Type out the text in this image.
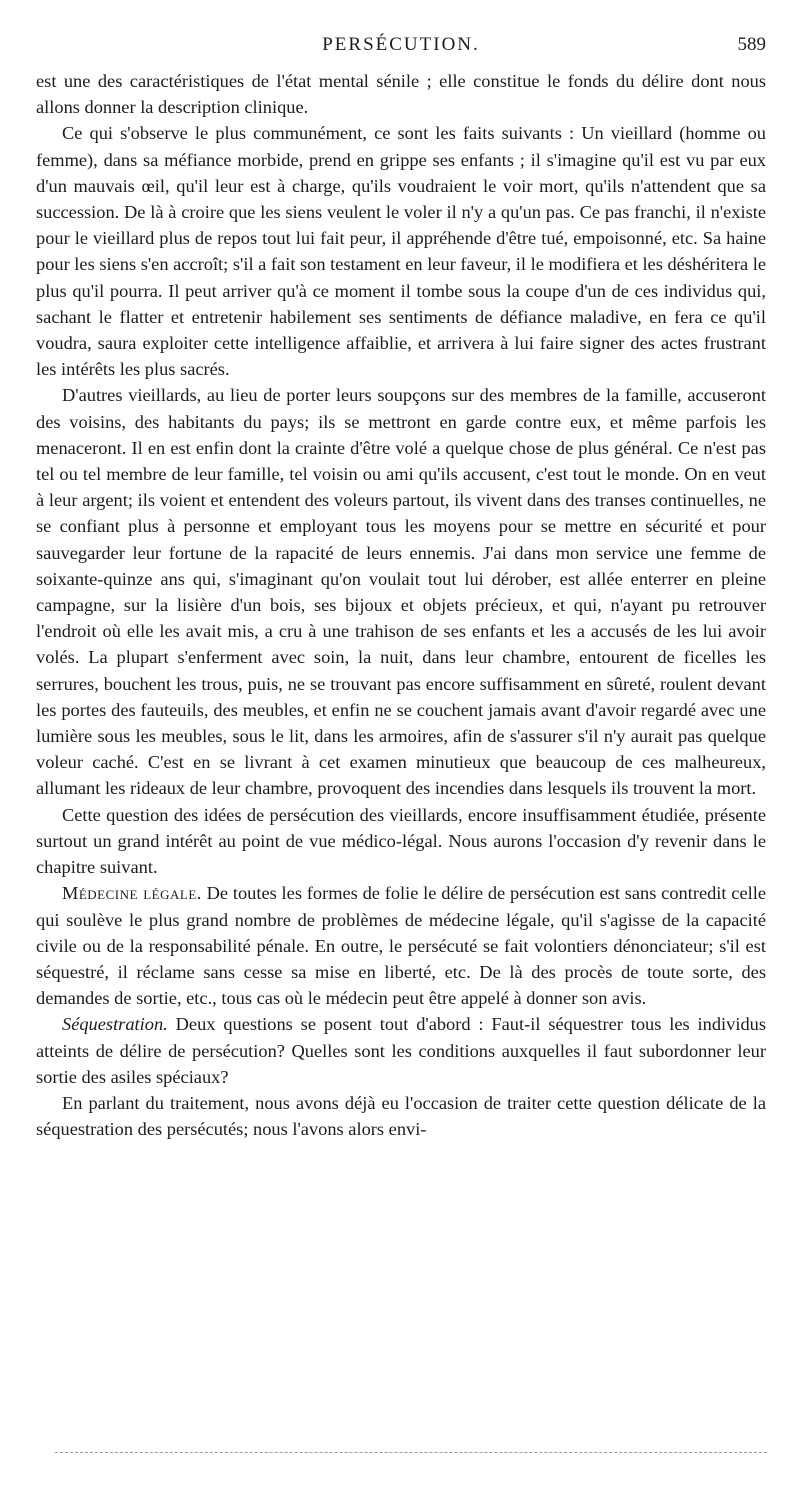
PERSÉCUTION.	589

est une des caractéristiques de l'état mental sénile ; elle constitue le fonds du délire dont nous allons donner la description clinique.

Ce qui s'observe le plus communément, ce sont les faits suivants : Un vieillard (homme ou femme), dans sa méfiance morbide, prend en grippe ses enfants ; il s'imagine qu'il est vu par eux d'un mauvais œil, qu'il leur est à charge, qu'ils voudraient le voir mort, qu'ils n'attendent que sa succession. De là à croire que les siens veulent le voler il n'y a qu'un pas. Ce pas franchi, il n'existe pour le vieillard plus de repos tout lui fait peur, il appréhende d'être tué, empoisonné, etc. Sa haine pour les siens s'en accroît; s'il a fait son testament en leur faveur, il le modifiera et les déshéritera le plus qu'il pourra. Il peut arriver qu'à ce moment il tombe sous la coupe d'un de ces individus qui, sachant le flatter et entretenir habilement ses sentiments de défiance maladive, en fera ce qu'il voudra, saura exploiter cette intelligence affaiblie, et arrivera à lui faire signer des actes frustrant les intérêts les plus sacrés.

D'autres vieillards, au lieu de porter leurs soupçons sur des membres de la famille, accuseront des voisins, des habitants du pays; ils se mettront en garde contre eux, et même parfois les menaceront. Il en est enfin dont la crainte d'être volé a quelque chose de plus général. Ce n'est pas tel ou tel membre de leur famille, tel voisin ou ami qu'ils accusent, c'est tout le monde. On en veut à leur argent; ils voient et entendent des voleurs partout, ils vivent dans des transes continuelles, ne se confiant plus à personne et employant tous les moyens pour se mettre en sécurité et pour sauvegarder leur fortune de la rapacité de leurs ennemis. J'ai dans mon service une femme de soixante-quinze ans qui, s'imaginant qu'on voulait tout lui dérober, est allée enterrer en pleine campagne, sur la lisière d'un bois, ses bijoux et objets précieux, et qui, n'ayant pu retrouver l'endroit où elle les avait mis, a cru à une trahison de ses enfants et les a accusés de les lui avoir volés. La plupart s'enferment avec soin, la nuit, dans leur chambre, entourent de ficelles les serrures, bouchent les trous, puis, ne se trouvant pas encore suffisamment en sûreté, roulent devant les portes des fauteuils, des meubles, et enfin ne se couchent jamais avant d'avoir regardé avec une lumière sous les meubles, sous le lit, dans les armoires, afin de s'assurer s'il n'y aurait pas quelque voleur caché. C'est en se livrant à cet examen minutieux que beaucoup de ces malheureux, allumant les rideaux de leur chambre, provoquent des incendies dans lesquels ils trouvent la mort.

Cette question des idées de persécution des vieillards, encore insuffisamment étudiée, présente surtout un grand intérêt au point de vue médico-légal. Nous aurons l'occasion d'y revenir dans le chapitre suivant.

Médecine légale. De toutes les formes de folie le délire de persécution est sans contredit celle qui soulève le plus grand nombre de problèmes de médecine légale, qu'il s'agisse de la capacité civile ou de la responsabilité pénale. En outre, le persécuté se fait volontiers dénonciateur; s'il est séquestré, il réclame sans cesse sa mise en liberté, etc. De là des procès de toute sorte, des demandes de sortie, etc., tous cas où le médecin peut être appelé à donner son avis.

Séquestration. Deux questions se posent tout d'abord : Faut-il séquestrer tous les individus atteints de délire de persécution? Quelles sont les conditions auxquelles il faut subordonner leur sortie des asiles spéciaux?

En parlant du traitement, nous avons déjà eu l'occasion de traiter cette question délicate de la séquestration des persécutés; nous l'avons alors envi-
